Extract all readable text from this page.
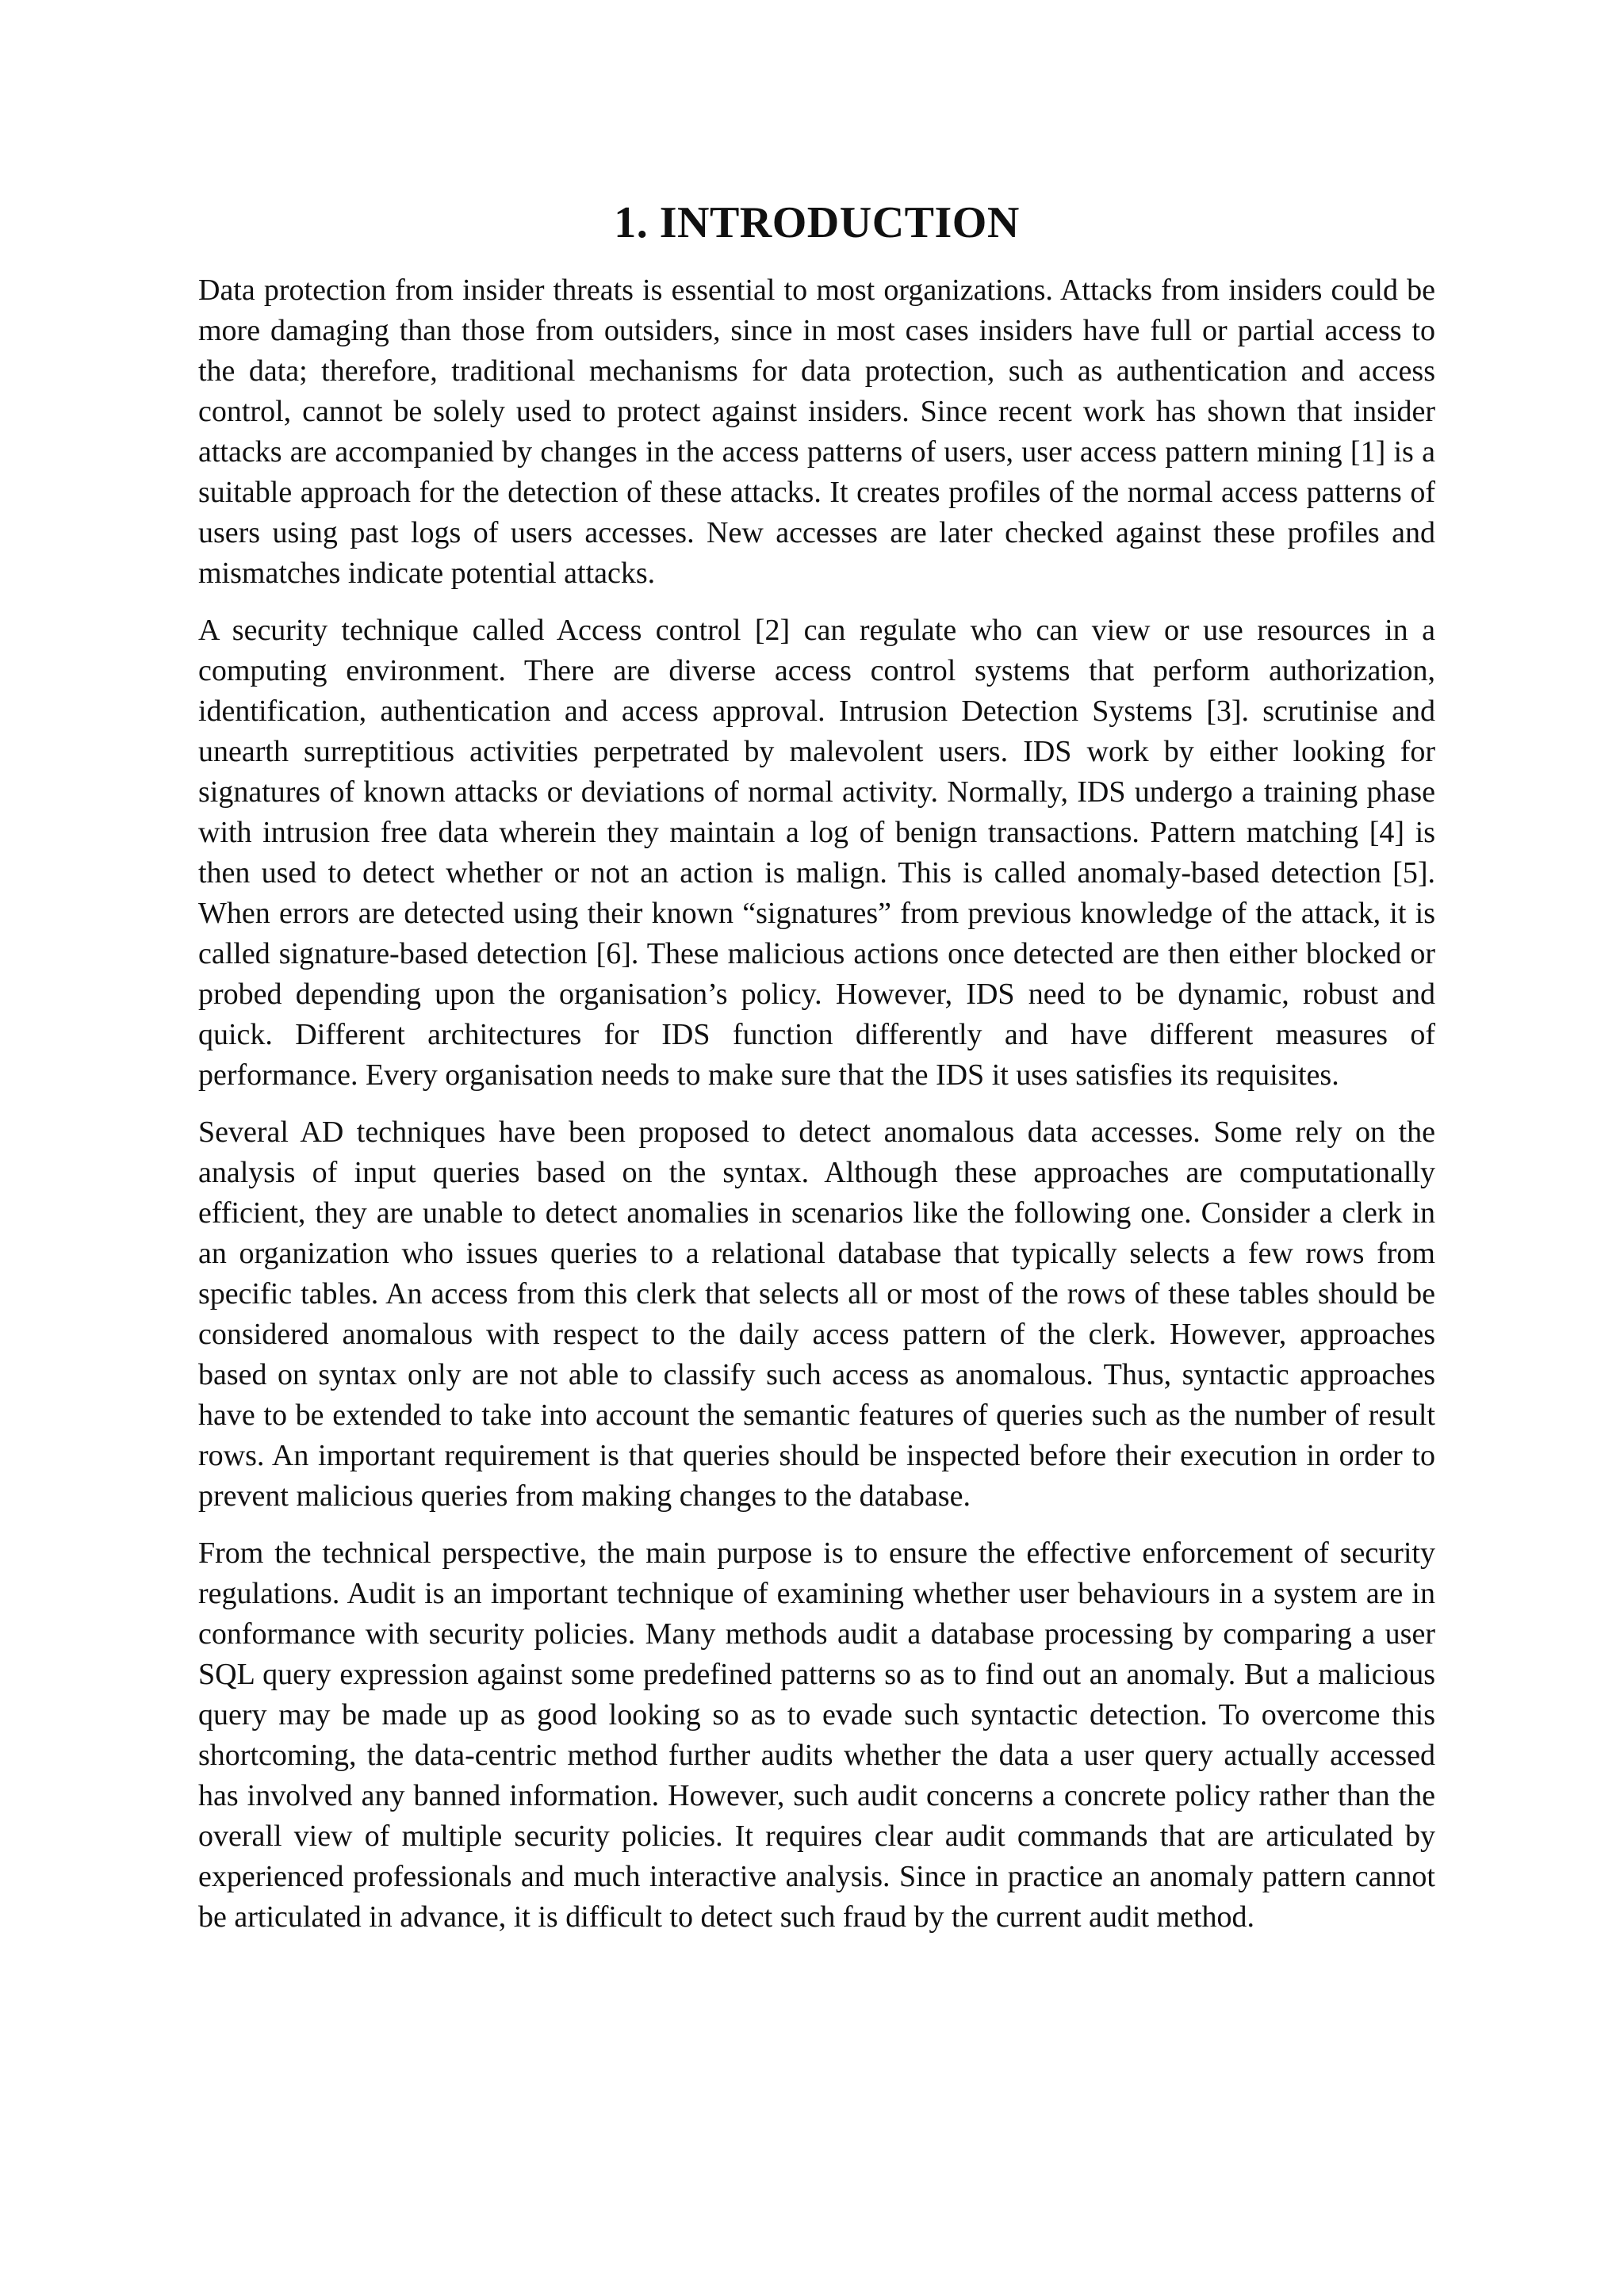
1. INTRODUCTION

Data protection from insider threats is essential to most organizations. Attacks from insiders could be more damaging than those from outsiders, since in most cases insiders have full or partial access to the data; therefore, traditional mechanisms for data protection, such as authentication and access control, cannot be solely used to protect against insiders. Since recent work has shown that insider attacks are accompanied by changes in the access patterns of users, user access pattern mining [1] is a suitable approach for the detection of these attacks. It creates profiles of the normal access patterns of users using past logs of users accesses. New accesses are later checked against these profiles and mismatches indicate potential attacks.

A security technique called Access control [2] can regulate who can view or use resources in a computing environment. There are diverse access control systems that perform authorization, identification, authentication and access approval. Intrusion Detection Systems [3]. scrutinise and unearth surreptitious activities perpetrated by malevolent users. IDS work by either looking for signatures of known attacks or deviations of normal activity. Normally, IDS undergo a training phase with intrusion free data wherein they maintain a log of benign transactions. Pattern matching [4] is then used to detect whether or not an action is malign. This is called anomaly-based detection [5]. When errors are detected using their known “signatures” from previous knowledge of the attack, it is called signature-based detection [6]. These malicious actions once detected are then either blocked or probed depending upon the organisation’s policy. However, IDS need to be dynamic, robust and quick. Different architectures for IDS function differently and have different measures of performance. Every organisation needs to make sure that the IDS it uses satisfies its requisites.

Several AD techniques have been proposed to detect anomalous data accesses. Some rely on the analysis of input queries based on the syntax. Although these approaches are computationally efficient, they are unable to detect anomalies in scenarios like the following one. Consider a clerk in an organization who issues queries to a relational database that typically selects a few rows from specific tables. An access from this clerk that selects all or most of the rows of these tables should be considered anomalous with respect to the daily access pattern of the clerk. However, approaches based on syntax only are not able to classify such access as anomalous. Thus, syntactic approaches have to be extended to take into account the semantic features of queries such as the number of result rows. An important requirement is that queries should be inspected before their execution in order to prevent malicious queries from making changes to the database.

From the technical perspective, the main purpose is to ensure the effective enforcement of security regulations. Audit is an important technique of examining whether user behaviours in a system are in conformance with security policies. Many methods audit a database processing by comparing a user SQL query expression against some predefined patterns so as to find out an anomaly. But a malicious query may be made up as good looking so as to evade such syntactic detection. To overcome this shortcoming, the data-centric method further audits whether the data a user query actually accessed has involved any banned information. However, such audit concerns a concrete policy rather than the overall view of multiple security policies. It requires clear audit commands that are articulated by experienced professionals and much interactive analysis. Since in practice an anomaly pattern cannot be articulated in advance, it is difficult to detect such fraud by the current audit method.
